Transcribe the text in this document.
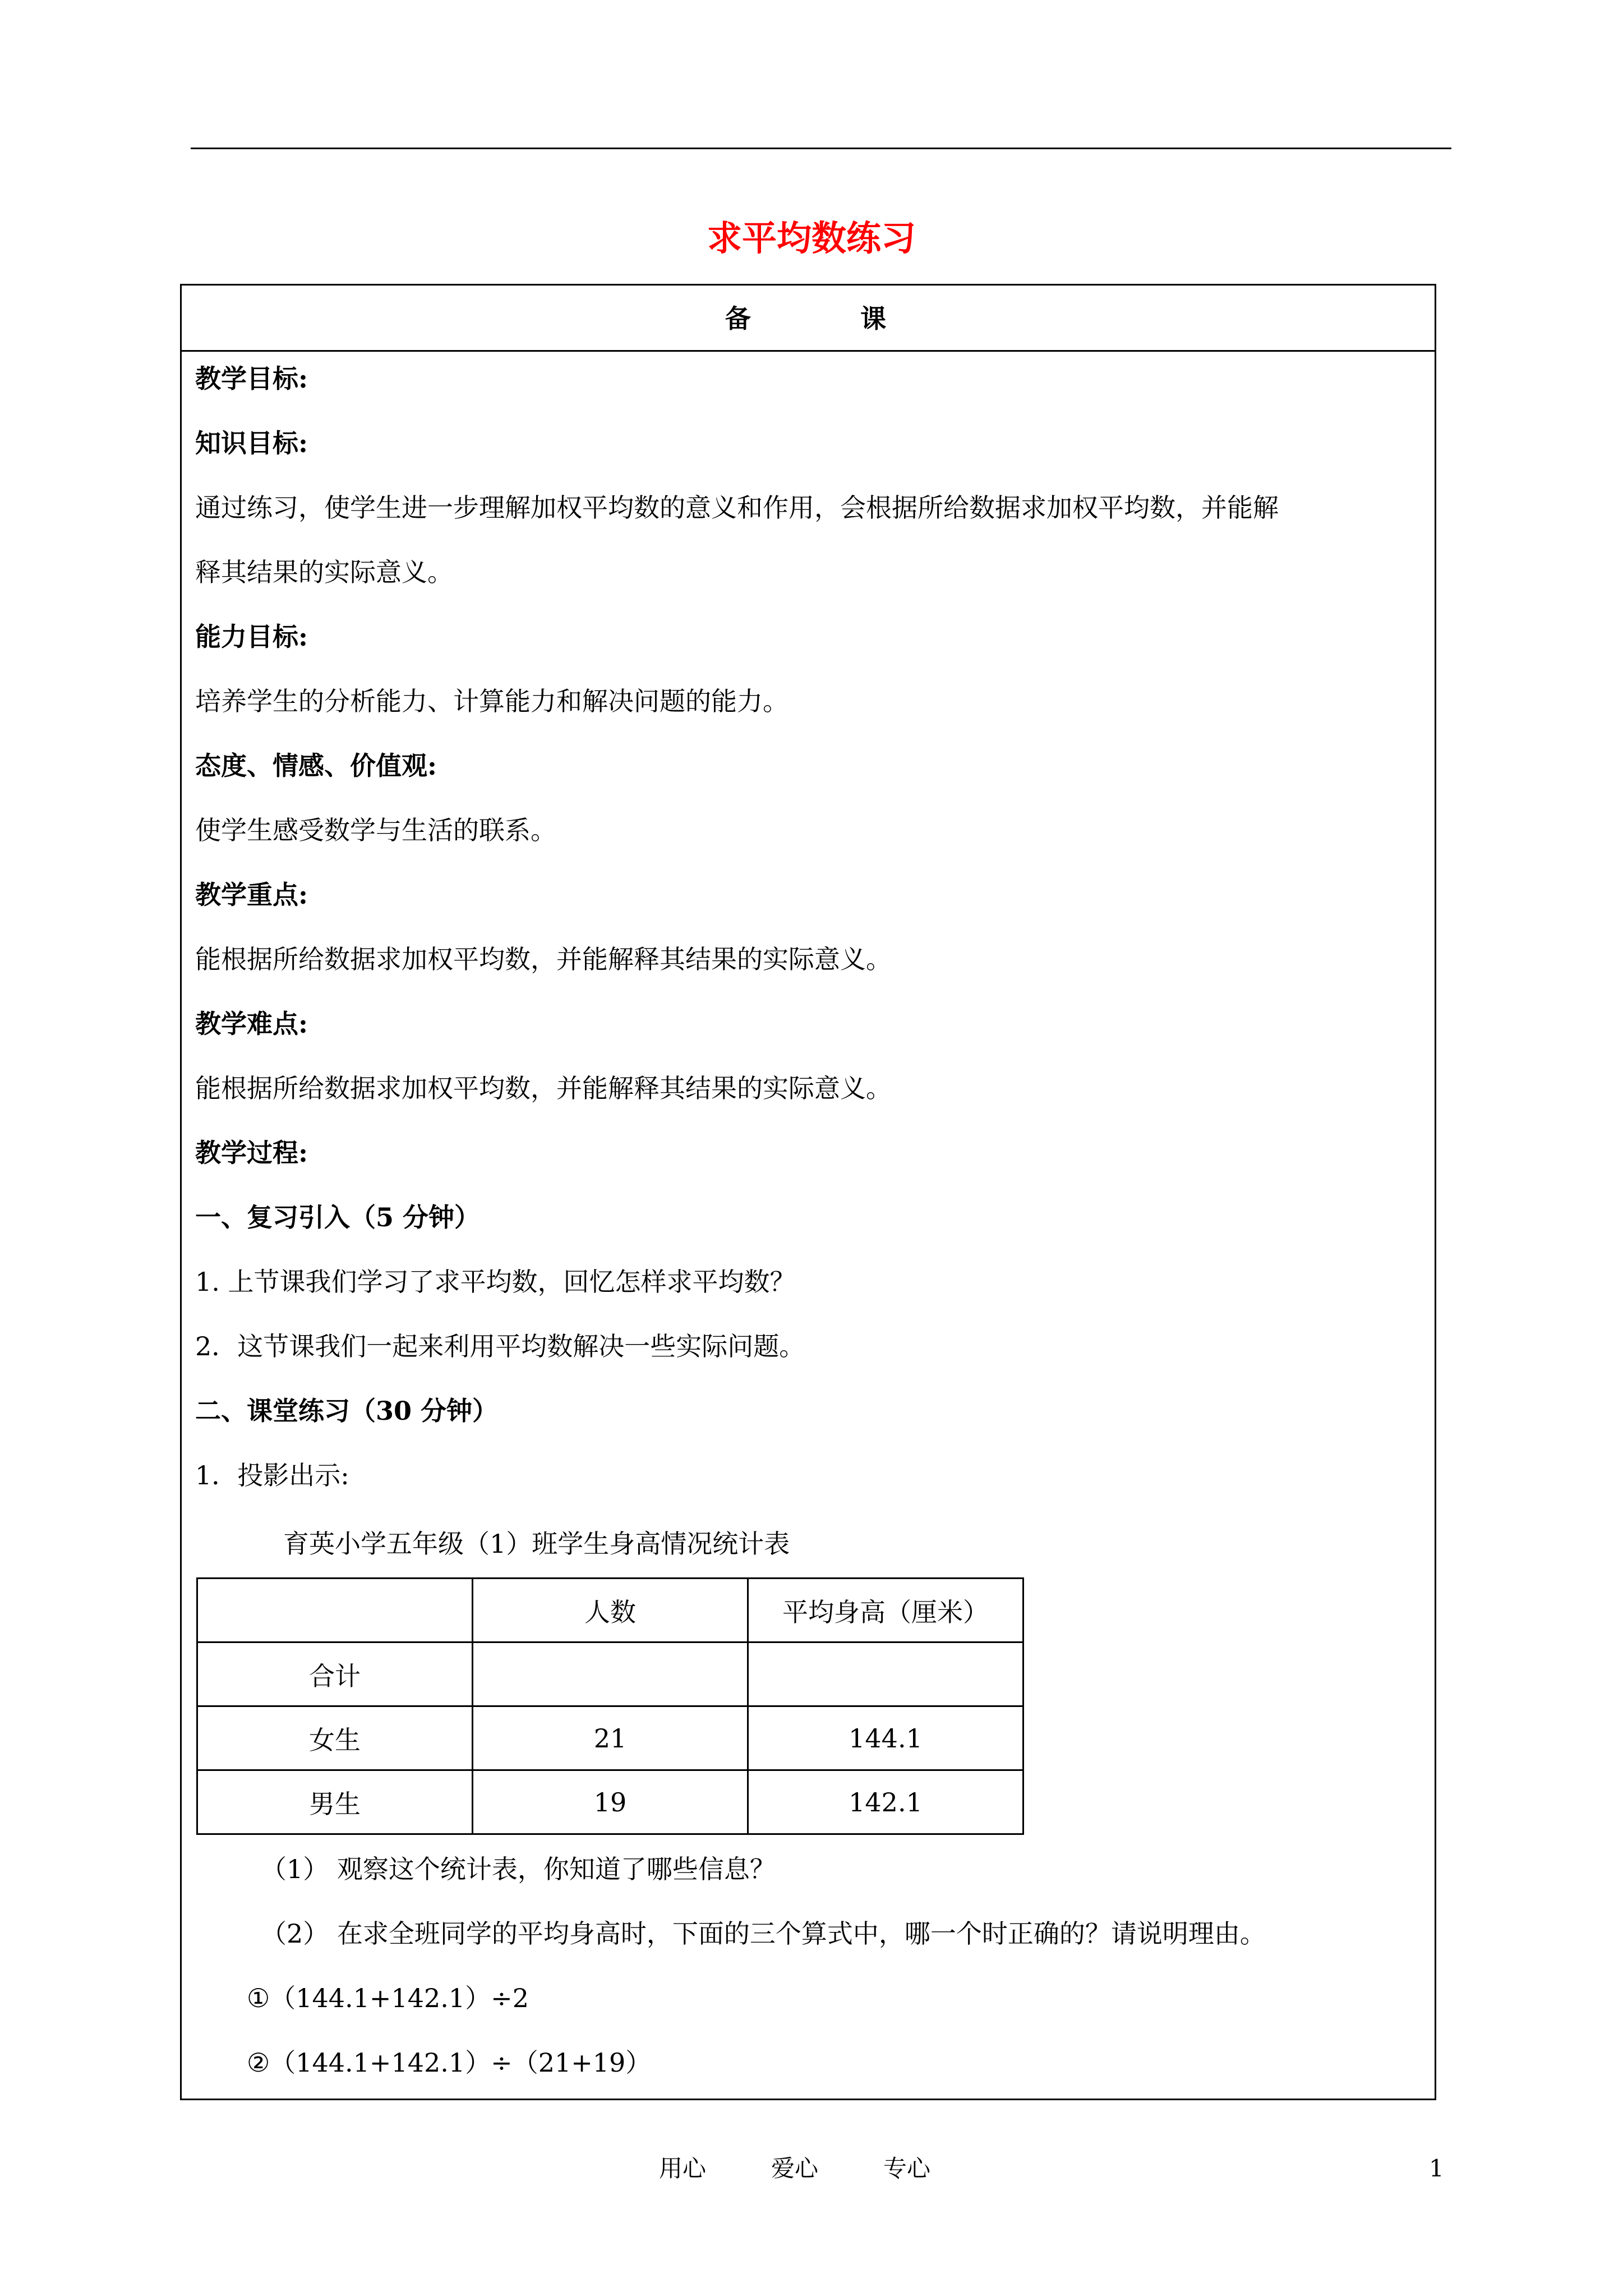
求平均数练习
备 课
教学目标:
知识目标:
通过练习，使学生进一步理解加权平均数的意义和作用，会根据所给数据求加权平均数，并能解
释其结果的实际意义。
能力目标:
培养学生的分析能力、计算能力和解决问题的能力。
态度、情感、价值观:
使学生感受数学与生活的联系。
教学重点:
能根据所给数据求加权平均数，并能解释其结果的实际意义。
教学难点:
能根据所给数据求加权平均数，并能解释其结果的实际意义。
教学过程:
一、复习引入（5 分钟）
1. 上节课我们学习了求平均数，回忆怎样求平均数？
2．这节课我们一起来利用平均数解决一些实际问题。
二、课堂练习（30 分钟）
1．投影出示:
育英小学五年级（1）班学生身高情况统计表
	人数	平均身高（厘米）
合计		
女生	21	144.1
男生	19	142.1
（1） 观察这个统计表，你知道了哪些信息？
（2） 在求全班同学的平均身高时，下面的三个算式中，哪一个时正确的？请说明理由。
①（144.1+142.1）÷2
②（144.1+142.1）÷（21+19）
用心	爱心	专心	1
